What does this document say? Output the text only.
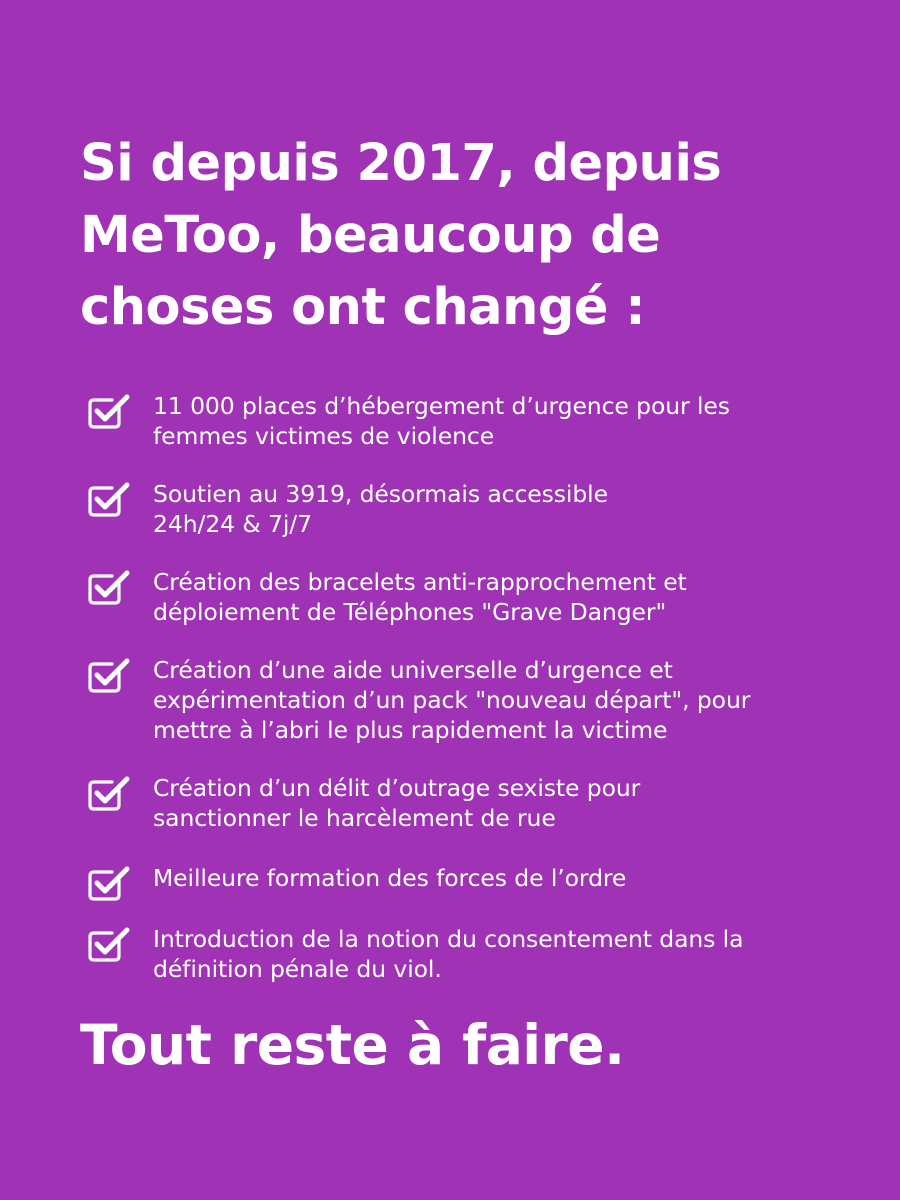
Si depuis 2017, depuis
MeToo, beaucoup de
choses ont changé :
11 000 places d’hébergement d’urgence pour les
femmes victimes de violence
Soutien au 3919, désormais accessible
24h/24 & 7j/7
Création des bracelets anti-rapprochement et
déploiement de Téléphones "Grave Danger"
Création d’une aide universelle d’urgence et
expérimentation d’un pack "nouveau départ", pour
mettre à l’abri le plus rapidement la victime
Création d’un délit d’outrage sexiste pour
sanctionner le harcèlement de rue
Meilleure formation des forces de l’ordre
Introduction de la notion du consentement dans la
définition pénale du viol.

Tout reste à faire.
